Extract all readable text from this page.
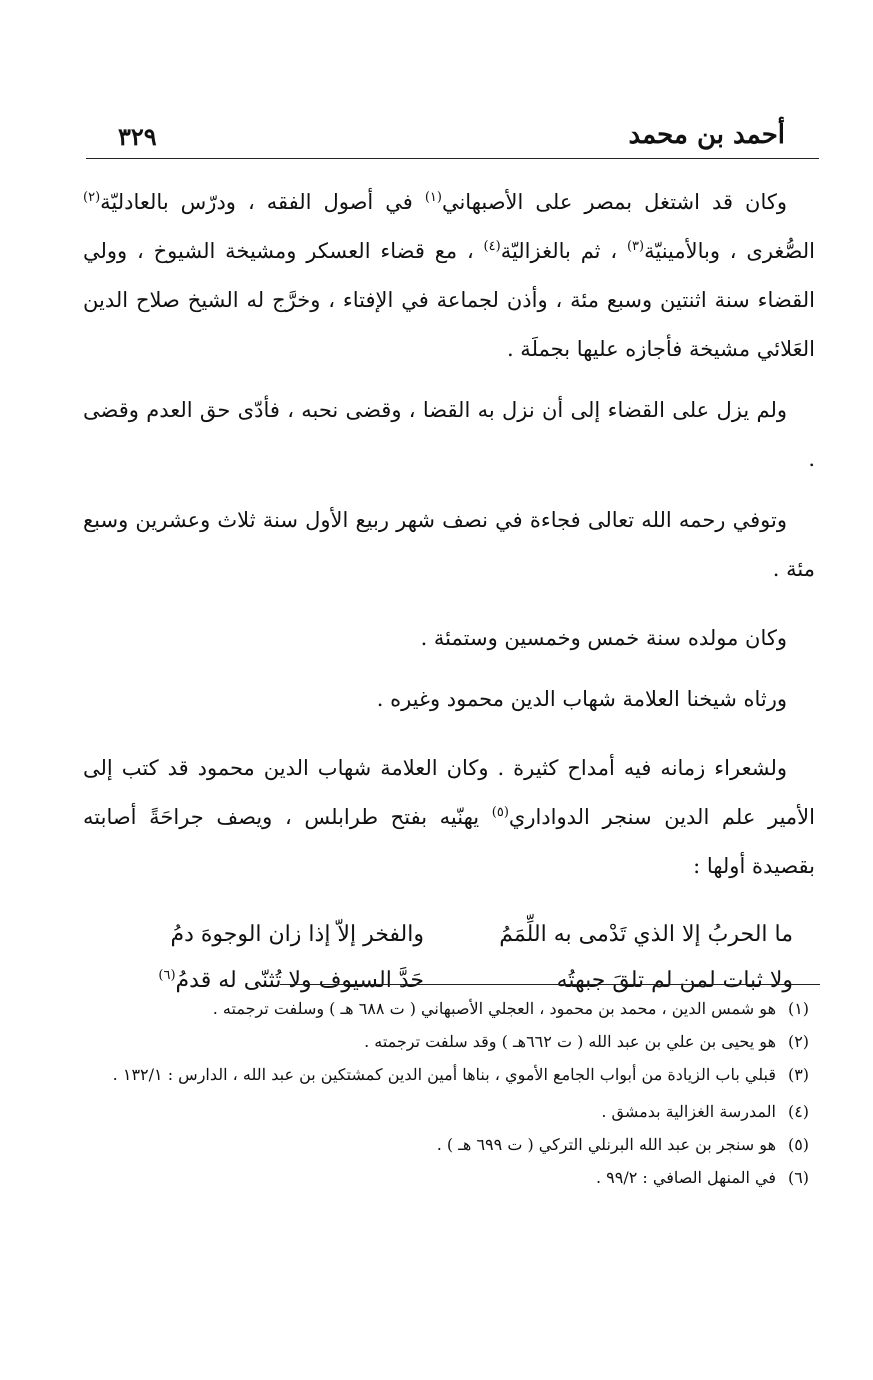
أحمد بن محمد
٣٢٩

وكان قد اشتغل بمصر على الأصبهاني$^{(١)}$ في أصول الفقه ، ودرّس بالعادليّة$^{(٢)}$ الصُّغرى ، وبالأمينيّة$^{(٣)}$ ، ثم بالغزاليّة$^{(٤)}$ ، مع قضاء العسكر ومشيخة الشيوخ ، وولي القضاء سنة اثنتين وسبع مئة ، وأذن لجماعة في الإفتاء ، وخرَّج له الشيخ صلاح الدين العَلائي مشيخة فأجازه عليها بجملَة .

ولم يزل على القضاء إلى أن نزل به القضا ، وقضى نحبه ، فأدّى حق العدم وقضى .

وتوفي رحمه الله تعالى فجاءة في نصف شهر ربيع الأول سنة ثلاث وعشرين وسبع مئة .

وكان مولده سنة خمس وخمسين وستمئة .

ورثاه شيخنا العلامة شهاب الدين محمود وغيره .

ولشعراء زمانه فيه أمداح كثيرة . وكان العلامة شهاب الدين محمود قد كتب إلى الأمير علم الدين سنجر الدواداري$^{(٥)}$ يهنّيه بفتح طرابلس ، ويصف جراحَةً أصابته بقصيدة أولها :

ما الحربُ إلا الذي تَدْمى به اللِّمَمُ
والفخر إلاّ إذا زان الوجوهَ دمُ
ولا ثبات لمن لم تلقَ جبهتُه
حَدَّ السيوف ولا تُثنّى له قدمُ$^{(٦)}$
(١)
هو شمس الدين ، محمد بن محمود ، العجلي الأصبهاني ( ت ٦٨٨ هـ ) وسلفت ترجمته .
(٢)
هو يحيى بن علي بن عبد الله ( ت ٦٦٢هـ ) وقد سلفت ترجمته .
(٣)
قبلي باب الزيادة من أبواب الجامع الأموي ، بناها أمين الدين كمشتكين بن عبد الله ، الدارس : ١٣٢/١ .
(٤)
المدرسة الغزالية بدمشق .
(٥)
هو سنجر بن عبد الله البرنلي التركي ( ت ٦٩٩ هـ ) .
(٦)
في المنهل الصافي : ٩٩/٢ .
